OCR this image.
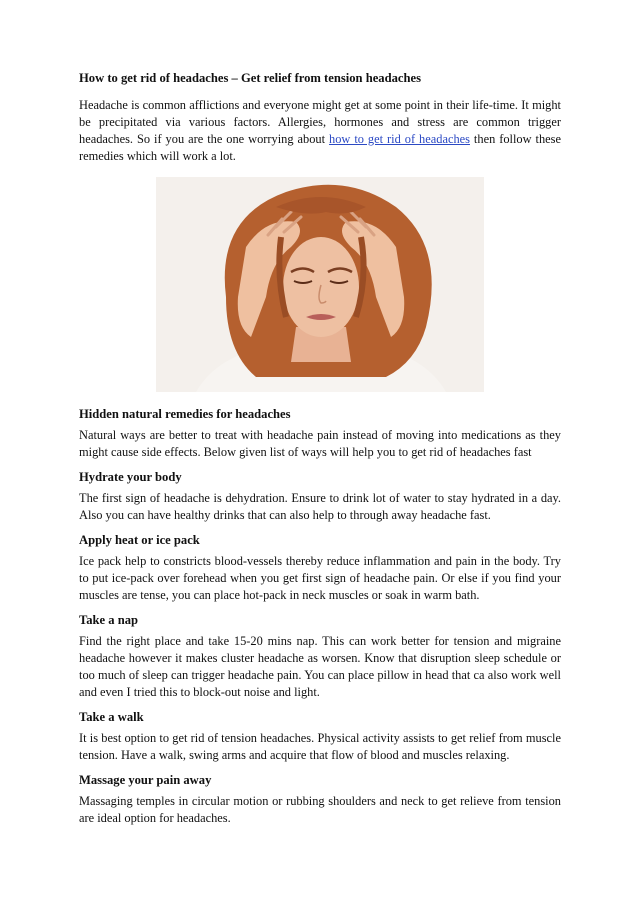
How to get rid of headaches – Get relief from tension headaches

Headache is common afflictions and everyone might get at some point in their life-time. It might be precipitated via various factors. Allergies, hormones and stress are common trigger headaches. So if you are the one worrying about how to get rid of headaches then follow these remedies which will work a lot.

Hidden natural remedies for headaches

Natural ways are better to treat with headache pain instead of moving into medications as they might cause side effects. Below given list of ways will help you to get rid of headaches fast

Hydrate your body

The first sign of headache is dehydration. Ensure to drink lot of water to stay hydrated in a day. Also you can have healthy drinks that can also help to through away headache fast.

Apply heat or ice pack

Ice pack help to constricts blood-vessels thereby reduce inflammation and pain in the body. Try to put ice-pack over forehead when you get first sign of headache pain. Or else if you find your muscles are tense, you can place hot-pack in neck muscles or soak in warm bath.

Take a nap

Find the right place and take 15-20 mins nap. This can work better for tension and migraine headache however it makes cluster headache as worsen. Know that disruption sleep schedule or too much of sleep can trigger headache pain. You can place pillow in head that ca also work well and even I tried this to block-out noise and light.

Take a walk

It is best option to get rid of tension headaches. Physical activity assists to get relief from muscle tension. Have a walk, swing arms and acquire that flow of blood and muscles relaxing.

Massage your pain away

Massaging temples in circular motion or rubbing shoulders and neck to get relieve from tension are ideal option for headaches.
